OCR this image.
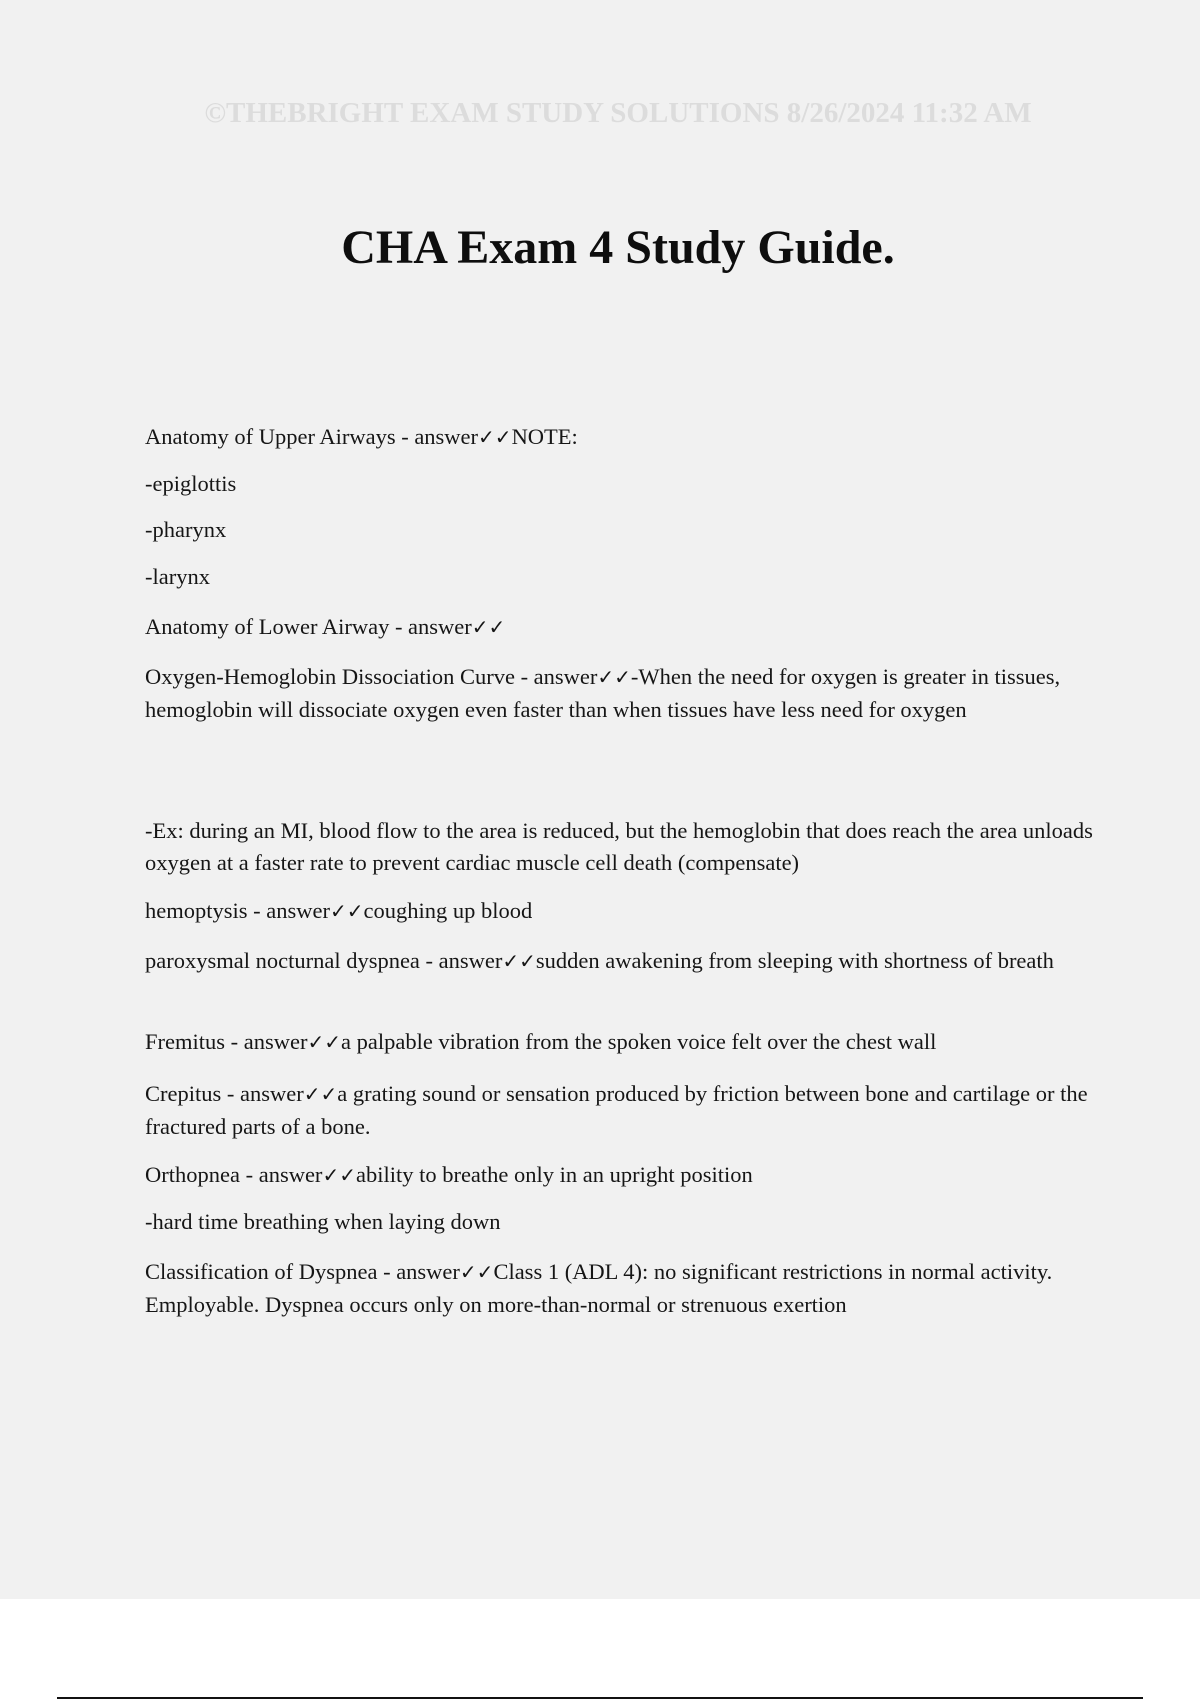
©THEBRIGHT EXAM STUDY SOLUTIONS 8/26/2024 11:32 AM
CHA Exam 4 Study Guide.

Anatomy of Upper Airways - answer✓✓NOTE:

-epiglottis

-pharynx

-larynx

Anatomy of Lower Airway - answer✓✓

Oxygen-Hemoglobin Dissociation Curve - answer✓✓-When the need for oxygen is greater in tissues, hemoglobin will dissociate oxygen even faster than when tissues have less need for oxygen

-Ex: during an MI, blood flow to the area is reduced, but the hemoglobin that does reach the area unloads oxygen at a faster rate to prevent cardiac muscle cell death (compensate)

hemoptysis - answer✓✓coughing up blood

paroxysmal nocturnal dyspnea - answer✓✓sudden awakening from sleeping with shortness of breath

Fremitus - answer✓✓a palpable vibration from the spoken voice felt over the chest wall

Crepitus - answer✓✓a grating sound or sensation produced by friction between bone and cartilage or the fractured parts of a bone.

Orthopnea - answer✓✓ability to breathe only in an upright position

-hard time breathing when laying down

Classification of Dyspnea - answer✓✓Class 1 (ADL 4): no significant restrictions in normal activity. Employable. Dyspnea occurs only on more-than-normal or strenuous exertion
